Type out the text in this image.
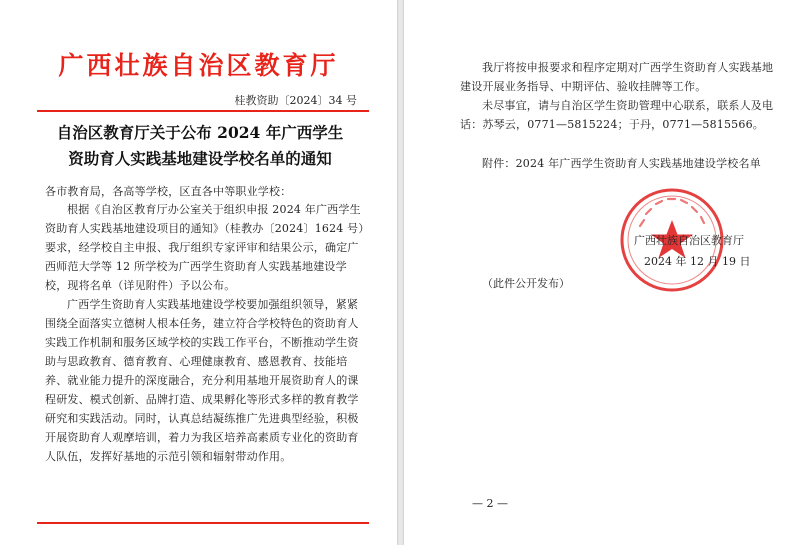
广西壮族自治区教育厅
桂教资助〔2024〕34 号
自治区教育厅关于公布 2024 年广西学生
资助育人实践基地建设学校名单的通知

各市教育局，各高等学校，区直各中等职业学校：

根据《自治区教育厅办公室关于组织申报 2024 年广西学生资助育人实践基地建设项目的通知》（桂教办〔2024〕1624 号）要求，经学校自主申报、我厅组织专家评审和结果公示，确定广西师范大学等 12 所学校为广西学生资助育人实践基地建设学校，现将名单（详见附件）予以公布。

广西学生资助育人实践基地建设学校要加强组织领导，紧紧围绕全面落实立德树人根本任务，建立符合学校特色的资助育人实践工作机制和服务区域学校的实践工作平台，不断推动学生资助与思政教育、德育教育、心理健康教育、感恩教育、技能培养、就业能力提升的深度融合，充分利用基地开展资助育人的课程研发、模式创新、品牌打造、成果孵化等形式多样的教育教学研究和实践活动。同时，认真总结凝练推广先进典型经验，积极开展资助育人观摩培训，着力为我区培养高素质专业化的资助育人队伍，发挥好基地的示范引领和辐射带动作用。

我厅将按申报要求和程序定期对广西学生资助育人实践基地建设开展业务指导、中期评估、验收挂牌等工作。

未尽事宜，请与自治区学生资助管理中心联系，联系人及电话：苏琴云，0771—5815224；于丹，0771—5815566。

附件：2024 年广西学生资助育人实践基地建设学校名单

广西壮族自治区教育厅
2024 年 12 月 19 日
（此件公开发布）
— 2 —
